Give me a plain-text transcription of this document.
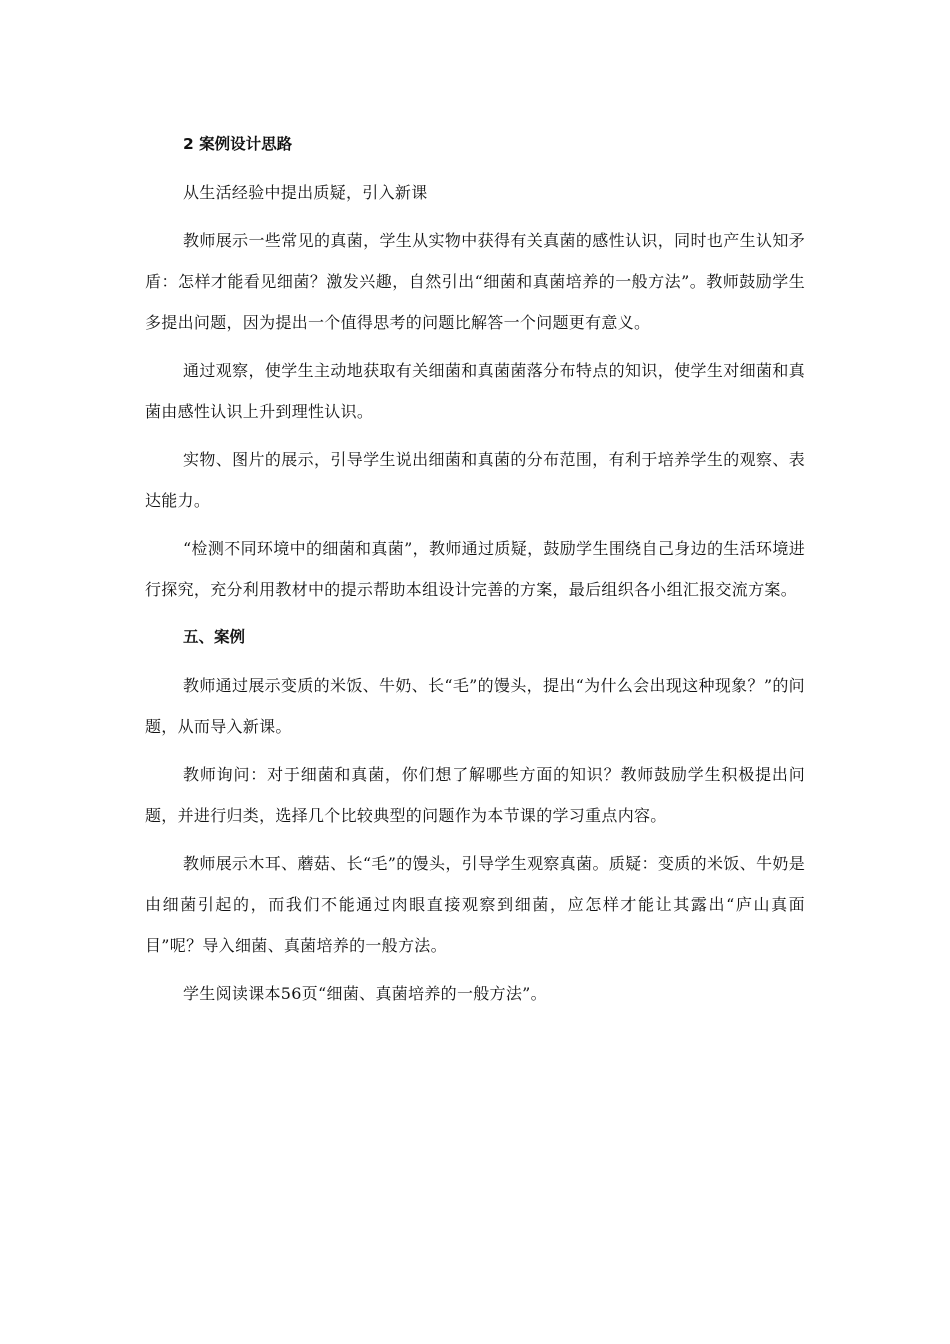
2 案例设计思路
从生活经验中提出质疑，引入新课
教师展示一些常见的真菌，学生从实物中获得有关真菌的感性认识，同时也产生认知矛盾：怎样才能看见细菌？激发兴趣，自然引出“细菌和真菌培养的一般方法”。教师鼓励学生多提出问题，因为提出一个值得思考的问题比解答一个问题更有意义。
通过观察，使学生主动地获取有关细菌和真菌菌落分布特点的知识，使学生对细菌和真菌由感性认识上升到理性认识。
实物、图片的展示，引导学生说出细菌和真菌的分布范围，有利于培养学生的观察、表达能力。
“检测不同环境中的细菌和真菌”，教师通过质疑，鼓励学生围绕自己身边的生活环境进行探究，充分利用教材中的提示帮助本组设计完善的方案，最后组织各小组汇报交流方案。
五、案例
教师通过展示变质的米饭、牛奶、长“毛”的馒头，提出“为什么会出现这种现象？”的问题，从而导入新课。
教师询问：对于细菌和真菌，你们想了解哪些方面的知识？教师鼓励学生积极提出问题，并进行归类，选择几个比较典型的问题作为本节课的学习重点内容。
教师展示木耳、蘑菇、长“毛”的馒头，引导学生观察真菌。质疑：变质的米饭、牛奶是由细菌引起的，而我们不能通过肉眼直接观察到细菌，应怎样才能让其露出“庐山真面目”呢？导入细菌、真菌培养的一般方法。
学生阅读课本56页“细菌、真菌培养的一般方法”。
